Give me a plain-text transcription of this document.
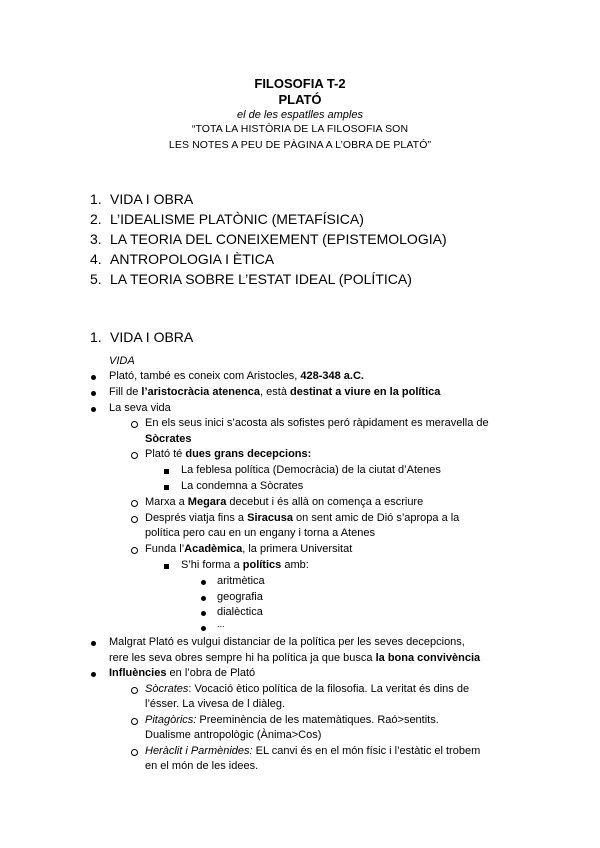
FILOSOFIA T-2
PLATÓ
el de les espatlles amples
“TOTA LA HISTÒRIA DE LA FILOSOFIA SON
LES NOTES A PEU DE PÀGINA A L’OBRA DE PLATÓ”
1. VIDA I OBRA
2. L’IDEALISME PLATÒNIC (METAFÍSICA)
3. LA TEORIA DEL CONEIXEMENT (EPISTEMOLOGIA)
4. ANTROPOLOGIA I ÈTICA
5. LA TEORIA SOBRE L’ESTAT IDEAL (POLÍTICA)
1. VIDA I OBRA
VIDA
Plató, també es coneix com Aristocles, 428-348 a.C.
Fill de l’aristocràcia atenenca, està destinat a viure en la política
La seva vida
En els seus inici s’acosta als sofistes peró ràpidament es meravella de
Sòcrates
Plató té dues grans decepcions:
La feblesa política (Democràcia) de la ciutat d’Atenes
La condemna a Sòcrates
Marxa a Megara decebut i és allà on comença a escriure
Després viatja fins a Siracusa on sent amic de Dió s’apropa a la
política pero cau en un engany i torna a Atenes
Funda l’Acadèmica, la primera Universitat
S’hi forma a polítics amb:
aritmètica
geografia
dialèctica
...
Malgrat Plató es vulgui distanciar de la política per les seves decepcions,
rere les seva obres sempre hi ha política ja que busca la bona convivència
Influències en l’obra de Plató
Sòcrates: Vocació ètico política de la filosofia. La veritat és dins de
l’ésser. La vivesa de l diàleg.
Pitagòrics: Preeminència de les matemàtiques. Raó>sentits.
Dualisme antropològic (Ànima>Cos)
Heràclit i Parmènides: EL canvi és en el món físic i l’estàtic el trobem
en el món de les idees.
